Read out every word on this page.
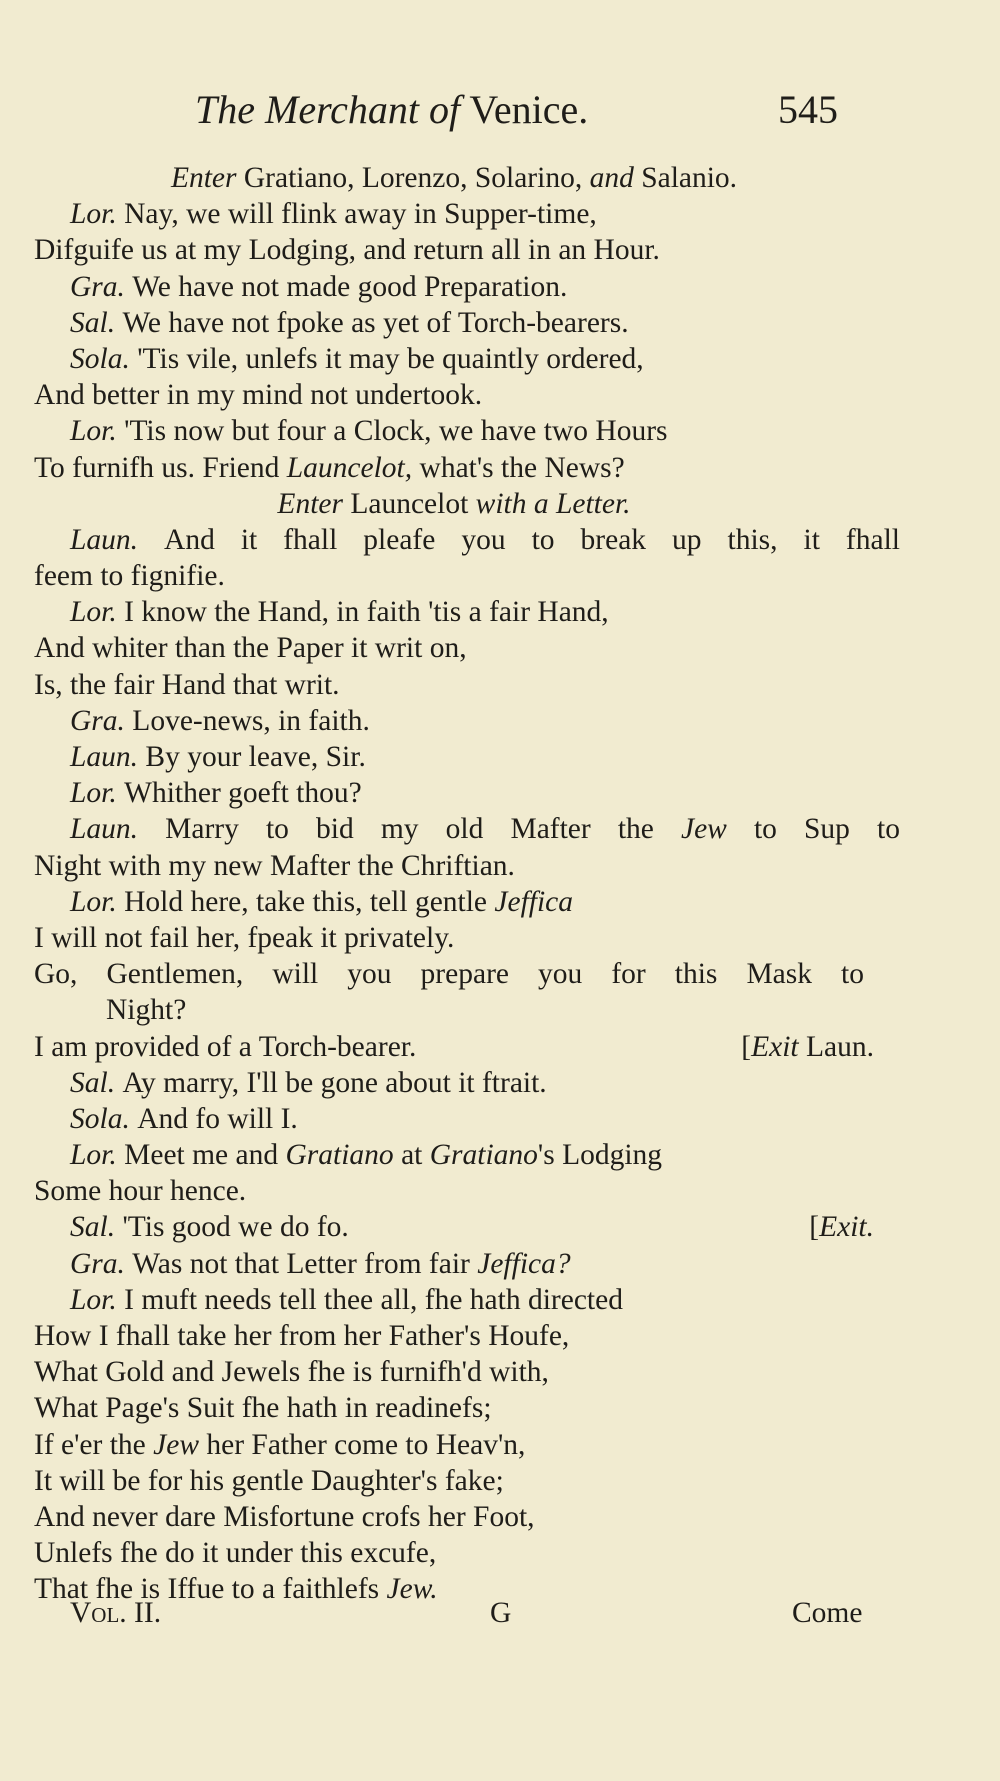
The Merchant of Venice.	545
Enter Gratiano, Lorenzo, Solarino, and Salanio.
Lor. Nay, we will flink away in Supper-time,
Difguife us at my Lodging, and return all in an Hour.
Gra. We have not made good Preparation.
Sal. We have not fpoke as yet of Torch-bearers.
Sola. 'Tis vile, unlefs it may be quaintly ordered,
And better in my mind not undertook.
Lor. 'Tis now but four a Clock, we have two Hours
To furnifh us. Friend Launcelot, what's the News?
Enter Launcelot with a Letter.
Laun. And it fhall pleafe you to break up this, it fhall
feem to fignifie.
Lor. I know the Hand, in faith 'tis a fair Hand,
And whiter than the Paper it writ on,
Is, the fair Hand that writ.
Gra. Love-news, in faith.
Laun. By your leave, Sir.
Lor. Whither goeft thou?
Laun. Marry to bid my old Mafter the Jew to Sup to
Night with my new Mafter the Chriftian.
Lor. Hold here, take this, tell gentle Jeffica
I will not fail her, fpeak it privately.
Go, Gentlemen, will you prepare you for this Mask to
Night?
I am provided of a Torch-bearer.	[Exit Laun.
Sal. Ay marry, I'll be gone about it ftrait.
Sola. And fo will I.
Lor. Meet me and Gratiano at Gratiano's Lodging
Some hour hence.
Sal. 'Tis good we do fo.	[Exit.
Gra. Was not that Letter from fair Jeffica?
Lor. I muft needs tell thee all, fhe hath directed
How I fhall take her from her Father's Houfe,
What Gold and Jewels fhe is furnifh'd with,
What Page's Suit fhe hath in readinefs;
If e'er the Jew her Father come to Heav'n,
It will be for his gentle Daughter's fake;
And never dare Misfortune crofs her Foot,
Unlefs fhe do it under this excufe,
That fhe is Iffue to a faithlefs Jew.
Vol. II.	G	Come
